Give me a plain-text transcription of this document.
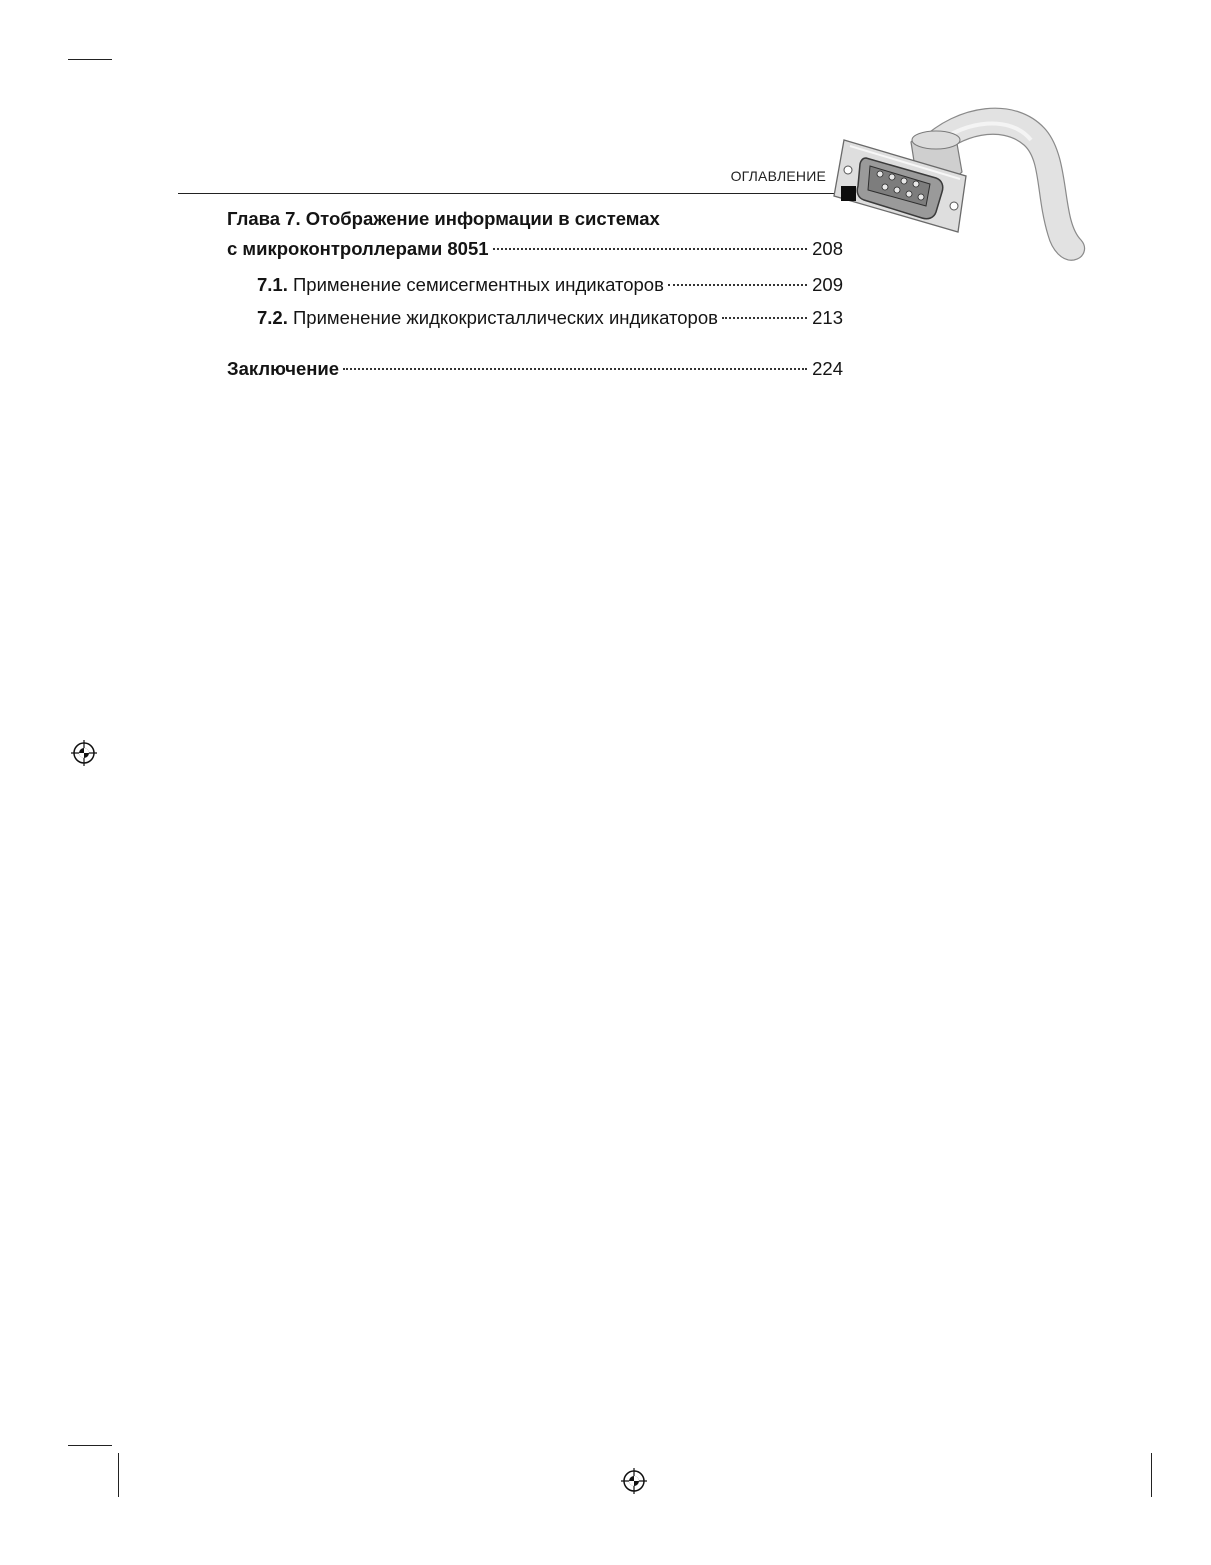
ОГЛАВЛЕНИЕ
Глава 7. Отображение информации в системах
с микроконтроллерами 8051	208
7.1. Применение семисегментных индикаторов	209
7.2. Применение жидкокристаллических индикаторов	213
Заключение	224
